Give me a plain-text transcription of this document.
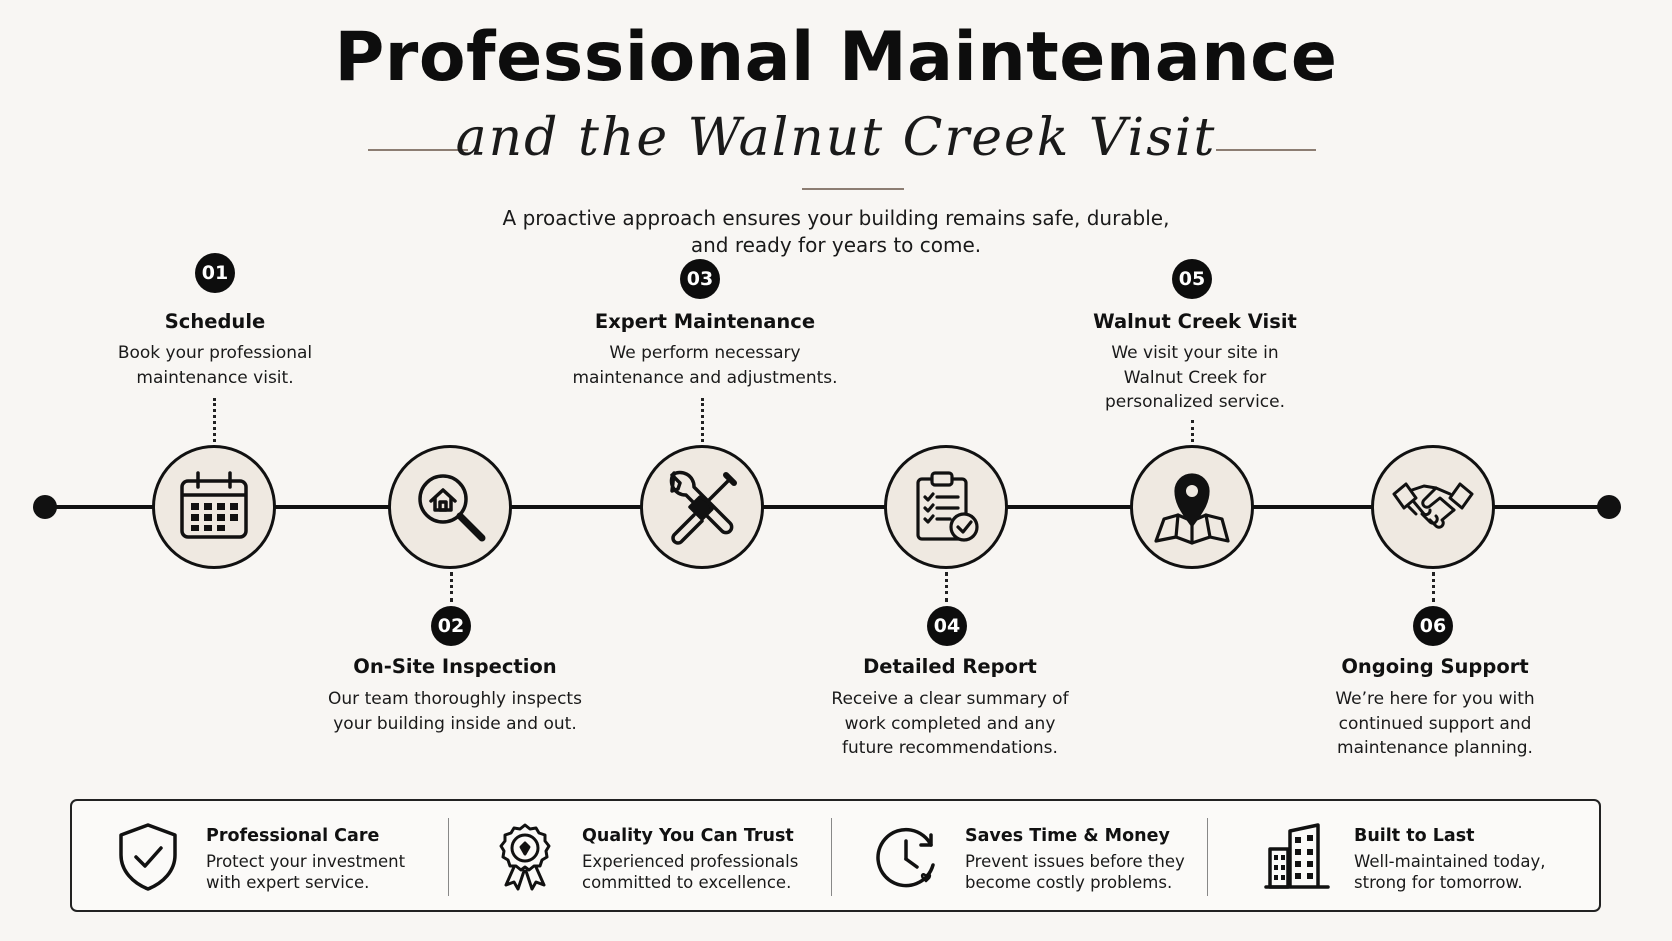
Professional Maintenance
and the Walnut Creek Visit
A proactive approach ensures your building remains safe, durable,
and ready for years to come.
01
Schedule
Book your professional
maintenance visit.
02
On-Site Inspection
Our team thoroughly inspects
your building inside and out.
03
Expert Maintenance
We perform necessary
maintenance and adjustments.
04
Detailed Report
Receive a clear summary of
work completed and any
future recommendations.
05
Walnut Creek Visit
We visit your site in
Walnut Creek for
personalized service.
06
Ongoing Support
We’re here for you with
continued support and
maintenance planning.
Professional Care
Protect your investment
with expert service.
Quality You Can Trust
Experienced professionals
committed to excellence.
Saves Time & Money
Prevent issues before they
become costly problems.
Built to Last
Well-maintained today,
strong for tomorrow.
